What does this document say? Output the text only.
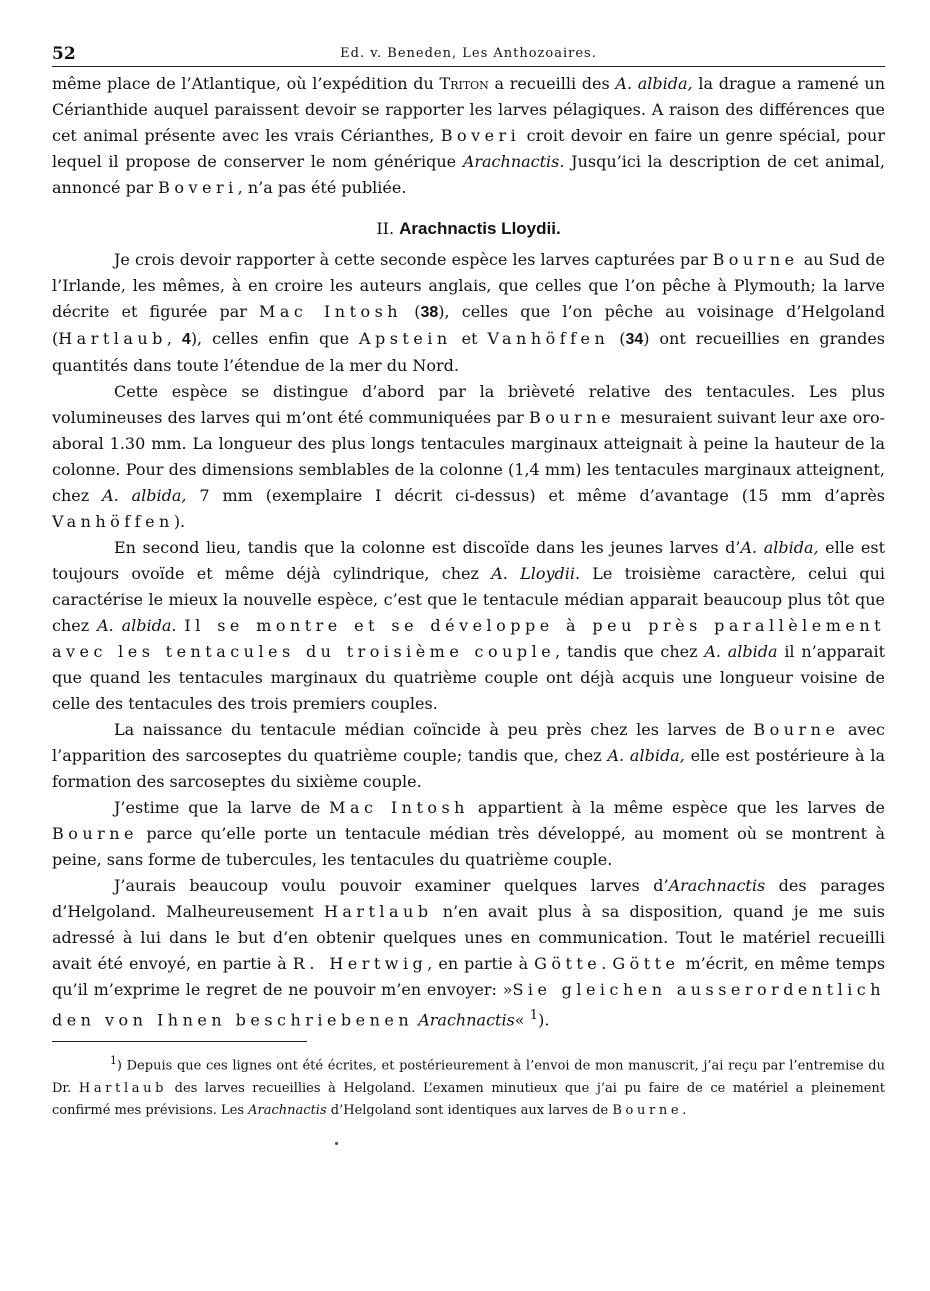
52	Ed. v. Beneden, Les Anthozoaires.

même place de l’Atlantique, où l’expédition du Triton a recueilli des A. albida, la drague a ramené un Cérianthide auquel paraissent devoir se rapporter les larves pélagiques. A raison des différences que cet animal présente avec les vrais Cérianthes, Boveri croit devoir en faire un genre spécial, pour lequel il propose de conserver le nom générique Arachnactis. Jusqu’ici la description de cet animal, annoncé par Boveri, n’a pas été publiée.

II. Arachnactis Lloydii.

Je crois devoir rapporter à cette seconde espèce les larves capturées par Bourne au Sud de l’Irlande, les mêmes, à en croire les auteurs anglais, que celles que l’on pêche à Plymouth; la larve décrite et figurée par Mac Intosh (38), celles que l’on pêche au voisinage d’Helgoland (Hartlaub, 4), celles enfin que Apstein et Vanhöffen (34) ont recueillies en grandes quantités dans toute l’étendue de la mer du Nord.

Cette espèce se distingue d’abord par la brièveté relative des tentacules. Les plus volumineuses des larves qui m’ont été communiquées par Bourne mesuraient suivant leur axe oro-aboral 1.30 mm. La longueur des plus longs tentacules marginaux atteignait à peine la hauteur de la colonne. Pour des dimensions semblables de la colonne (1,4 mm) les tentacules marginaux atteignent, chez A. albida, 7 mm (exemplaire I décrit ci-dessus) et même d’avantage (15 mm d’après Vanhöffen).

En second lieu, tandis que la colonne est discoïde dans les jeunes larves d’A. albida, elle est toujours ovoïde et même déjà cylindrique, chez A. Lloydii. Le troisième caractère, celui qui caractérise le mieux la nouvelle espèce, c’est que le tentacule médian apparait beaucoup plus tôt que chez A. albida. Il se montre et se développe à peu près parallèlement avec les tentacules du troisième couple, tandis que chez A. albida il n’apparait que quand les tentacules marginaux du quatrième couple ont déjà acquis une longueur voisine de celle des tentacules des trois premiers couples.

La naissance du tentacule médian coïncide à peu près chez les larves de Bourne avec l’apparition des sarcoseptes du quatrième couple; tandis que, chez A. albida, elle est postérieure à la formation des sarcoseptes du sixième couple.

J’estime que la larve de Mac Intosh appartient à la même espèce que les larves de Bourne parce qu’elle porte un tentacule médian très développé, au moment où se montrent à peine, sans forme de tubercules, les tentacules du quatrième couple.

J’aurais beaucoup voulu pouvoir examiner quelques larves d’Arachnactis des parages d’Helgoland. Malheureusement Hartlaub n’en avait plus à sa disposition, quand je me suis adressé à lui dans le but d’en obtenir quelques unes en communication. Tout le matériel recueilli avait été envoyé, en partie à R. Hertwig, en partie à Götte. Götte m’écrit, en même temps qu’il m’exprime le regret de ne pouvoir m’en envoyer: »Sie gleichen ausserordentlich den von Ihnen beschriebenen Arachnactis« $^1$).

$^1$) Depuis que ces lignes ont été écrites, et postérieurement à l’envoi de mon manuscrit, j’ai reçu par l’entremise du Dr. Hartlaub des larves recueillies à Helgoland. L’examen minutieux que j’ai pu faire de ce matériel a pleinement confirmé mes prévisions. Les Arachnactis d’Helgoland sont identiques aux larves de Bourne.
